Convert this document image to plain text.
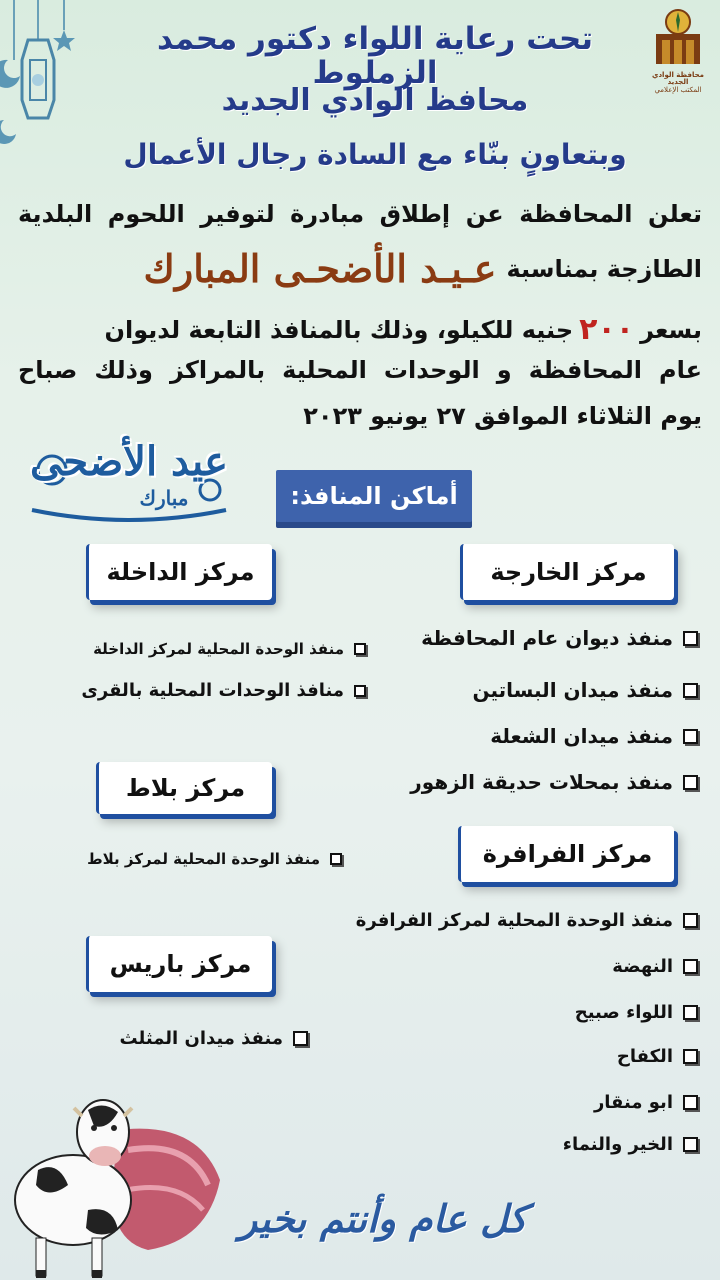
محافظة الوادي الجديد
المكتب الإعلامي
تحت رعاية اللواء دكتور محمد الزملوط
محافظ الوادي الجديد
وبتعاونٍ بنّاء مع السادة رجال الأعمال
تعلن المحافظة عن إطلاق مبادرة لتوفير اللحوم البلدية
الطازجة بمناسبة
عـيـد الأضحـى المبارك
بسعر
٢٠٠
جنيه للكيلو، وذلك بالمنافذ التابعة لديوان
عام المحافظة و الوحدات المحلية بالمراكز وذلك صباح
يوم الثلاثاء الموافق ٢٧ يونيو ٢٠٢٣
عيد الأضحى
مبارك	أماكن المنافذ:
مركز الخارجة
منفذ ديوان عام المحافظة
منفذ ميدان البساتين
منفذ ميدان الشعلة
منفذ بمحلات حديقة الزهور
مركز الداخلة
منفذ الوحدة المحلية لمركز الداخلة
منافذ الوحدات المحلية بالقرى
مركز بلاط
منفذ الوحدة المحلية لمركز بلاط	مركز الفرافرة
منفذ الوحدة المحلية لمركز الفرافرة
النهضة
اللواء صبيح
الكفاح
ابو منقار
الخير والنماء
مركز باريس
منفذ ميدان المثلث
كل عام وأنتم بخير
